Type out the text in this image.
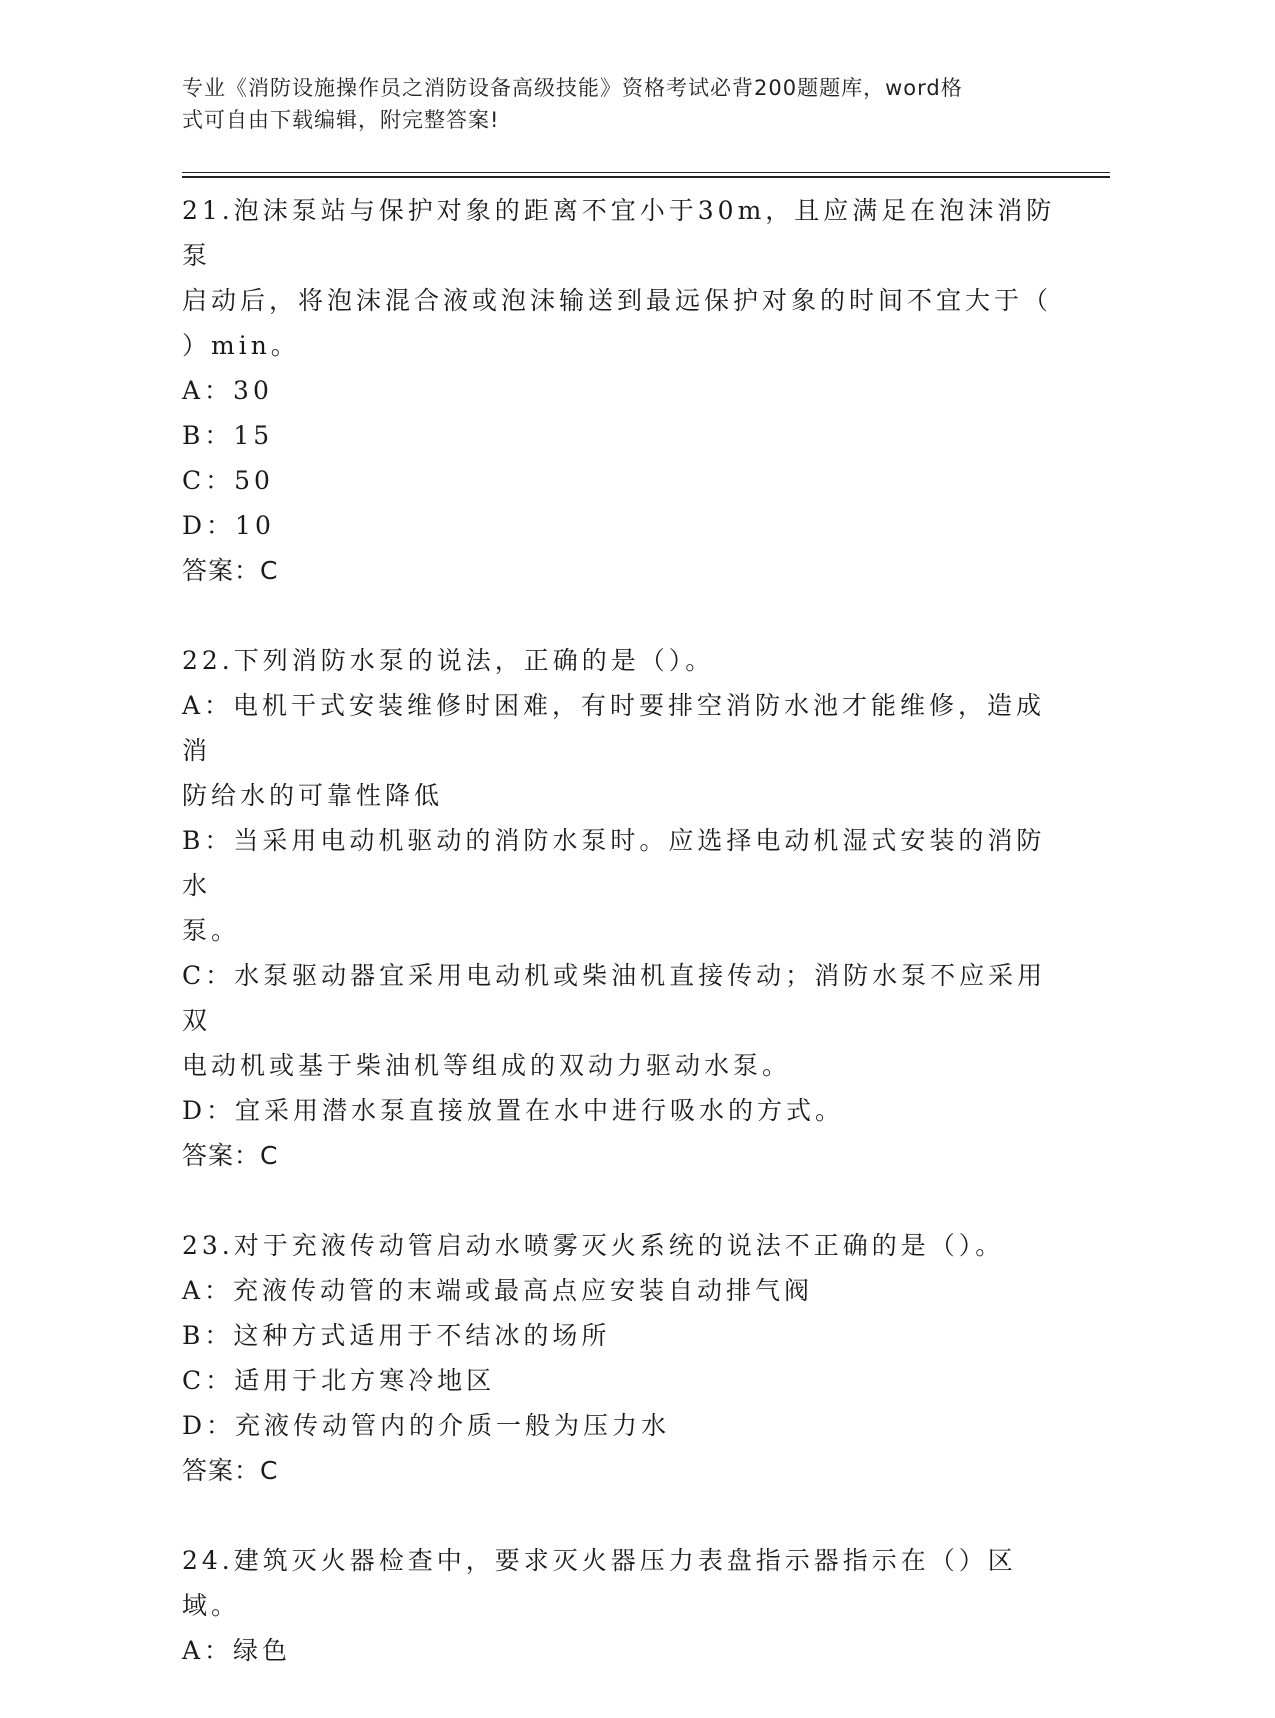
专业《消防设施操作员之消防设备高级技能》资格考试必背200题题库，word格
式可自由下载编辑，附完整答案!
21.泡沫泵站与保护对象的距离不宜小于30m，且应满足在泡沫消防泵
启动后，将泡沫混合液或泡沫输送到最远保护对象的时间不宜大于（
）min。
A：30
B：15
C：50
D：10
答案：C
22.下列消防水泵的说法，正确的是（）。
A：电机干式安装维修时困难，有时要排空消防水池才能维修，造成消
防给水的可靠性降低
B：当采用电动机驱动的消防水泵时。应选择电动机湿式安装的消防水
泵。
C：水泵驱动器宜采用电动机或柴油机直接传动；消防水泵不应采用双
电动机或基于柴油机等组成的双动力驱动水泵。
D：宜采用潜水泵直接放置在水中进行吸水的方式。
答案：C
23.对于充液传动管启动水喷雾灭火系统的说法不正确的是（）。
A：充液传动管的末端或最高点应安装自动排气阀
B：这种方式适用于不结冰的场所
C：适用于北方寒冷地区
D：充液传动管内的介质一般为压力水
答案：C
24.建筑灭火器检查中，要求灭火器压力表盘指示器指示在（）区域。
A：绿色
